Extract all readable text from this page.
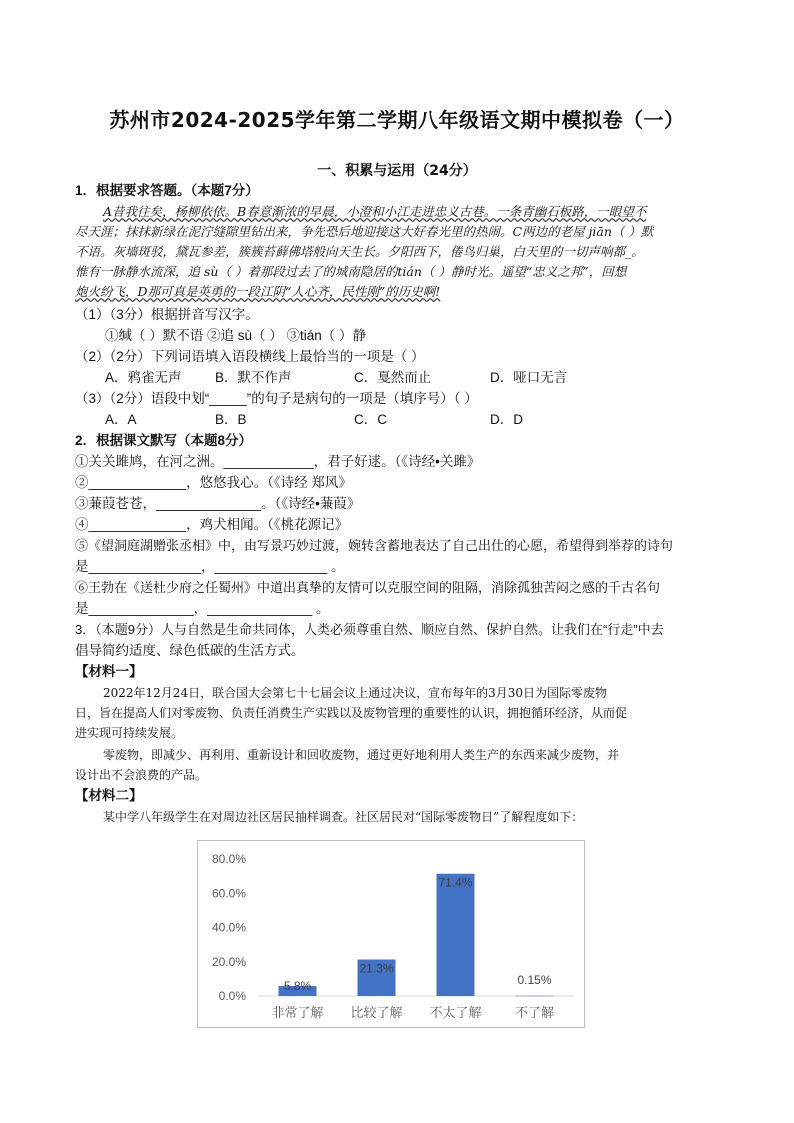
苏州市2024-2025学年第二学期八年级语文期中模拟卷（一）
一、积累与运用（24分）
1．根据要求答题。（本题7分）
A昔我往矣，杨柳依依。B春意渐浓的早晨，小澄和小江走进忠义古巷。一条青幽石板路，一眼望不
尽天涯；抹抹新绿在泥泞缝隙里钻出来，争先恐后地迎接这大好春光里的热闹。C两边的老屋 jiān（ ）默
不语。灰墙斑驳，黛瓦参差，簇簇苔藓佛塔般向天生长。夕阳西下，倦鸟归巢，白天里的一切声响都_。
惟有一脉静水流深，追 sù（ ）着那段过去了的城南隐居的tián（ ）静时光。遥望“忠义之邦”，回想
炮火纷飞，D那可真是英勇的一段江阴“人心齐，民性刚”的历史啊!
（1）（3分）根据拼音写汉字。
①缄（ ）默不语 ②追 sù（ ） ③tián（ ）静
（2）（2分）下列词语填入语段横线上最恰当的一项是（ ）
A．鸦雀无声	B．默不作声	C．戛然而止	D．哑口无言
（3）（2分）语段中划“_____”的句子是病句的一项是（填序号）（ ）
A．A	B．B	C．C	D．D
2．根据课文默写（本题8分）
①关关雎鸠，在河之洲。____________，君子好逑。（《诗经•关雎》
②_____________，悠悠我心。（《诗经 郑风》
③蒹葭苍苍，______________。（《诗经•蒹葭》
④_____________，鸡犬相闻。（《桃花源记》
⑤《望洞庭湖赠张丞相》中，由写景巧妙过渡，婉转含蓄地表达了自己出仕的心愿，希望得到举荐的诗句
是_______________，_______________ 。
⑥王勃在《送杜少府之任蜀州》中道出真挚的友情可以克服空间的阻隔，消除孤独苦闷之感的千古名句
是______________，______________ 。
3．（本题9分）人与自然是生命共同体，人类必须尊重自然、顺应自然、保护自然。让我们在“行走”中去
倡导简约适度、绿色低碳的生活方式。
【材料一】
2022年12月24日，联合国大会第七十七届会议上通过决议，宣布每年的3月30日为国际零废物
日，旨在提高人们对零废物、负责任消费生产实践以及废物管理的重要性的认识，拥抱循环经济，从而促
进实现可持续发展。
零废物，即减少、再利用、重新设计和回收废物，通过更好地利用人类生产的东西来减少废物，并
设计出不会浪费的产品。
【材料二】
某中学八年级学生在对周边社区居民抽样调查。社区居民对“国际零废物日”了解程度如下：
80.0%
60.0%
40.0%
20.0%
0.0%
5.8%
非常了解
21.3%
比较了解
71.4%
不太了解
0.15%
不了解
